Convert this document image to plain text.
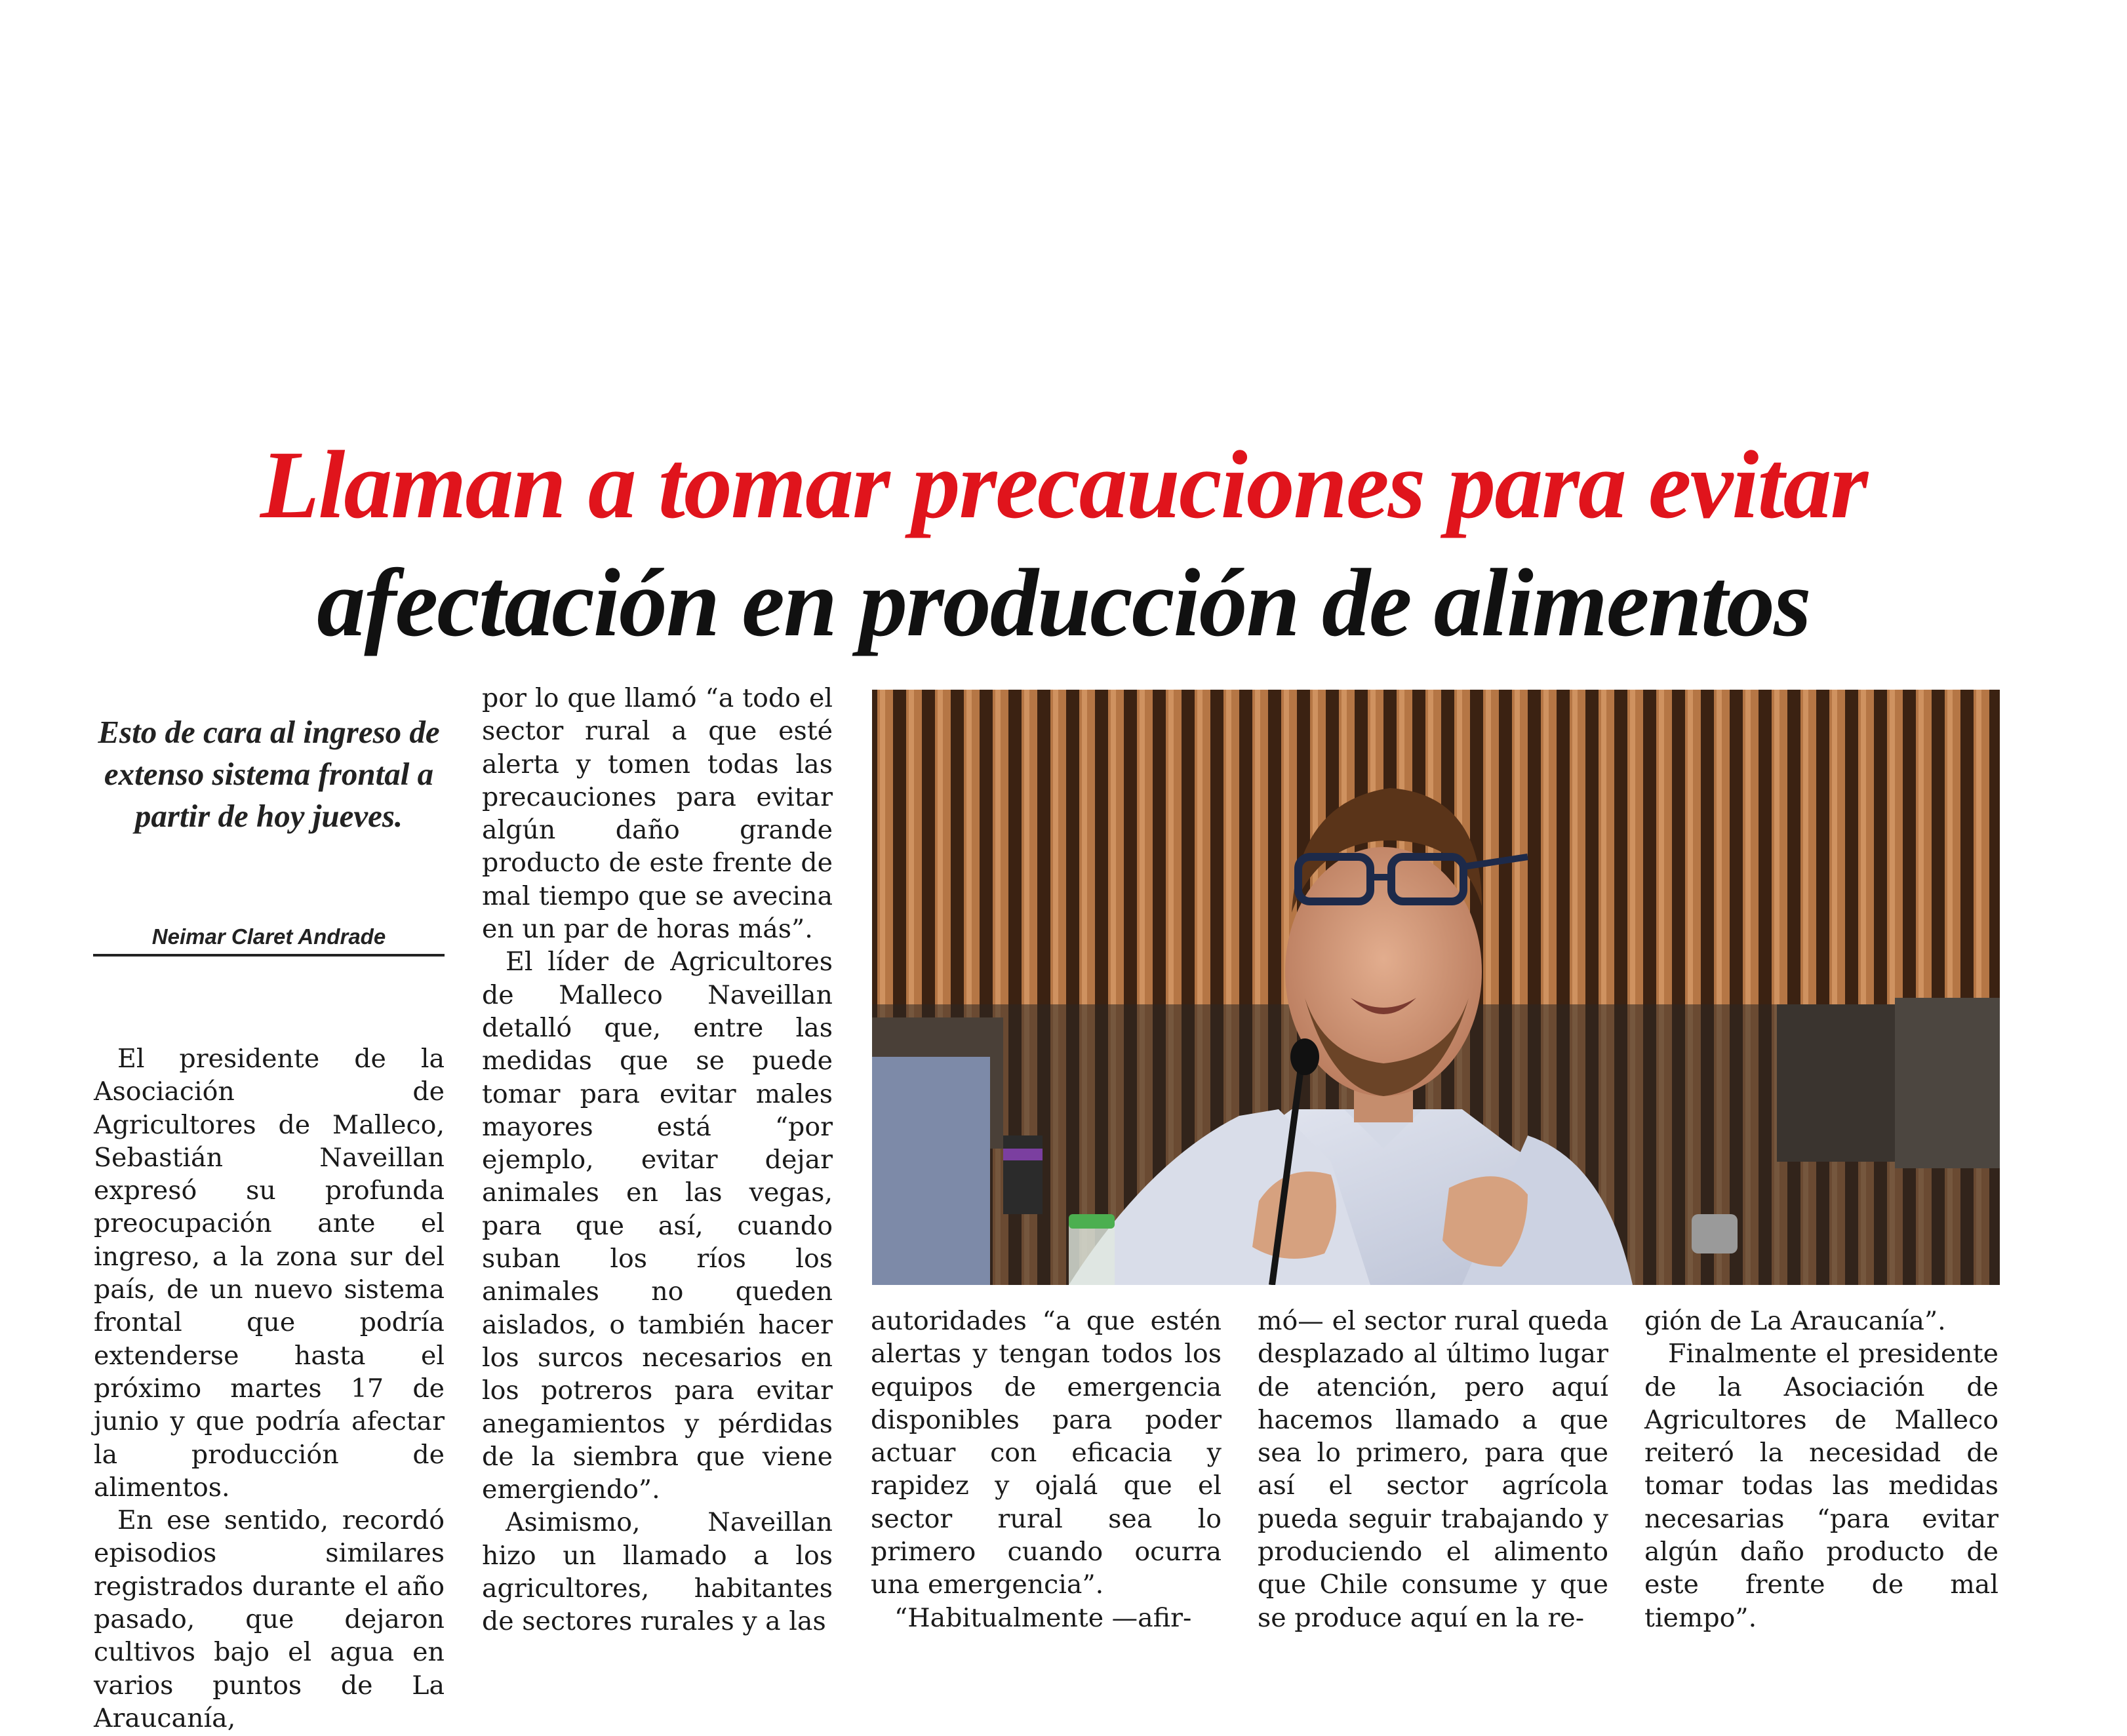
Llaman a tomar precauciones para evitar
afectación en producción de alimentos
Esto de cara al ingreso de extenso sistema frontal a partir de hoy jueves.
Neimar Claret Andrade

El presidente de la Asociación de Agricultores de Malleco, Sebastián Naveillan expresó su profunda preocupación ante el ingreso, a la zona sur del país, de un nuevo sistema frontal que podría extenderse hasta el próximo martes 17 de junio y que podría afectar la producción de alimentos.

En ese sentido, recordó episodios similares registrados durante el año pasado, que dejaron cultivos bajo el agua en varios puntos de La Araucanía,

por lo que llamó “a todo el sector rural a que esté alerta y tomen todas las precauciones para evitar algún daño grande producto de este frente de mal tiempo que se avecina en un par de horas más”.

El líder de Agricultores de Malleco Naveillan detalló que, entre las medidas que se puede tomar para evitar males mayores está “por ejemplo, evitar dejar animales en las vegas, para que así, cuando suban los ríos los animales no queden aislados, o también hacer los surcos necesarios en los potreros para evitar anegamientos y pérdidas de la siembra que viene emergiendo”.

Asimismo, Naveillan hizo un llamado a los agricultores, habitantes de sectores rurales y a las

autoridades “a que estén alertas y tengan todos los equipos de emergencia disponibles para poder actuar con eficacia y rapidez y ojalá que el sector rural sea lo primero cuando ocurra una emergencia”.

“Habitualmente —afir-

mó— el sector rural queda desplazado al último lugar de atención, pero aquí hacemos llamado a que sea lo primero, para que así el sector agrícola pueda seguir trabajando y produciendo el alimento que Chile consume y que se produce aquí en la re-

gión de La Araucanía”.

Finalmente el presidente de la Asociación de Agricultores de Malleco reiteró la necesidad de tomar todas las medidas necesarias “para evitar algún daño producto de este frente de mal tiempo”.
